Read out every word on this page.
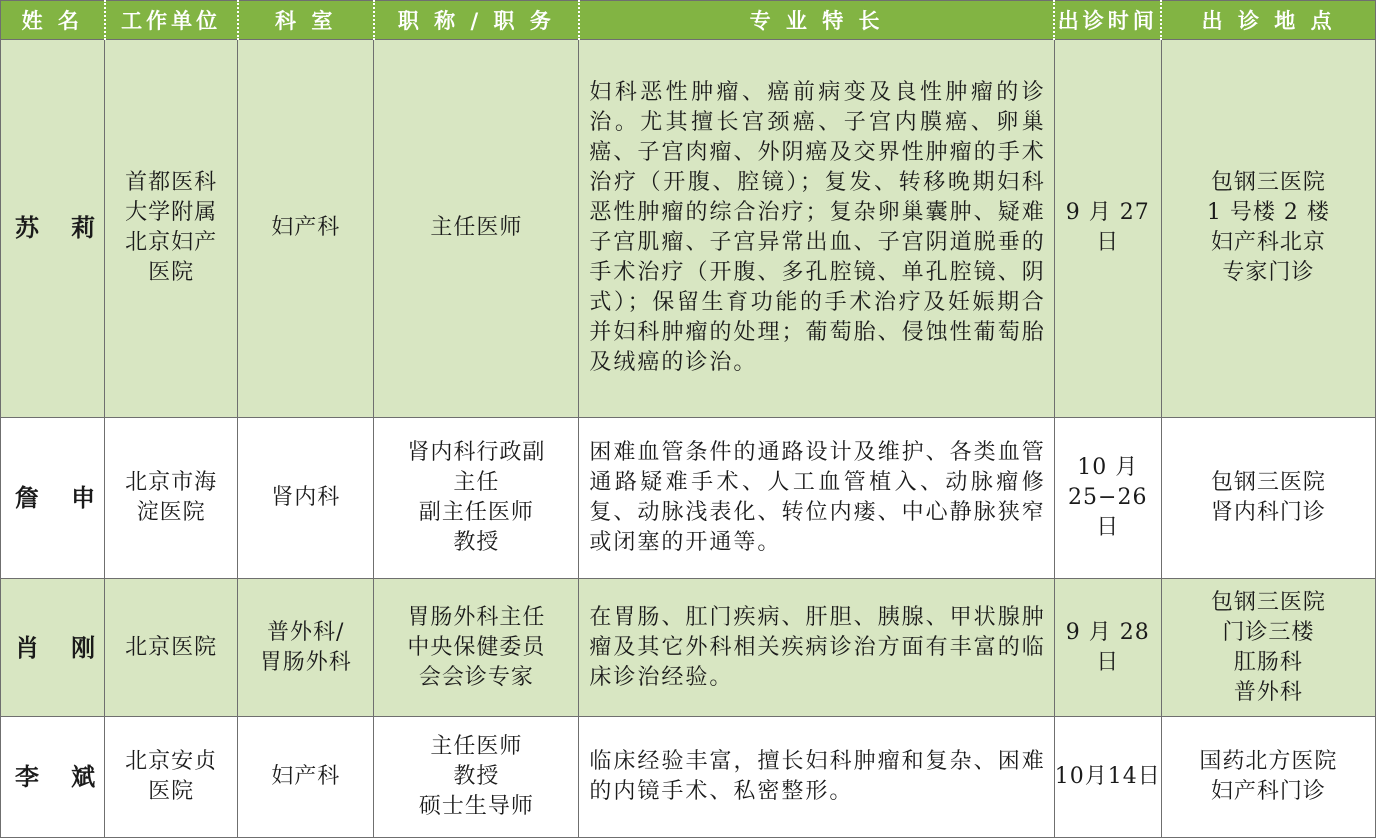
姓 名	工作单位	科 室	职 称 / 职 务	专 业 特 长	出诊时间	出 诊 地 点

苏 莉	首都医科
大学附属
北京妇产
医院	妇产科	主任医师	妇科恶性肿瘤、癌前病变及良性肿瘤的诊治。尤其擅长宫颈癌、子宫内膜癌、卵巢癌、子宫肉瘤、外阴癌及交界性肿瘤的手术治疗（开腹、腔镜）；复发、转移晚期妇科恶性肿瘤的综合治疗；复杂卵巢囊肿、疑难子宫肌瘤、子宫异常出血、子宫阴道脱垂的手术治疗（开腹、多孔腔镜、单孔腔镜、阴式）；保留生育功能的手术治疗及妊娠期合并妇科肿瘤的处理；葡萄胎、侵蚀性葡萄胎及绒癌的诊治。	9 月 27 日	包钢三医院
1 号楼 2 楼
妇产科北京
专家门诊

詹 申	北京市海
淀医院	肾内科	肾内科行政副
主任
副主任医师
教授	困难血管条件的通路设计及维护、各类血管通路疑难手术、人工血管植入、动脉瘤修复、动脉浅表化、转位内瘘、中心静脉狭窄或闭塞的开通等。	10 月
25−26 日	包钢三医院
肾内科门诊

肖 刚	北京医院	普外科/
胃肠外科	胃肠外科主任
中央保健委员
会会诊专家	在胃肠、肛门疾病、肝胆、胰腺、甲状腺肿瘤及其它外科相关疾病诊治方面有丰富的临床诊治经验。	9 月 28 日	包钢三医院
门诊三楼
肛肠科
普外科

李 斌	北京安贞
医院	妇产科	主任医师
教授
硕士生导师	临床经验丰富，擅长妇科肿瘤和复杂、困难的内镜手术、私密整形。	10月14日	国药北方医院
妇产科门诊
